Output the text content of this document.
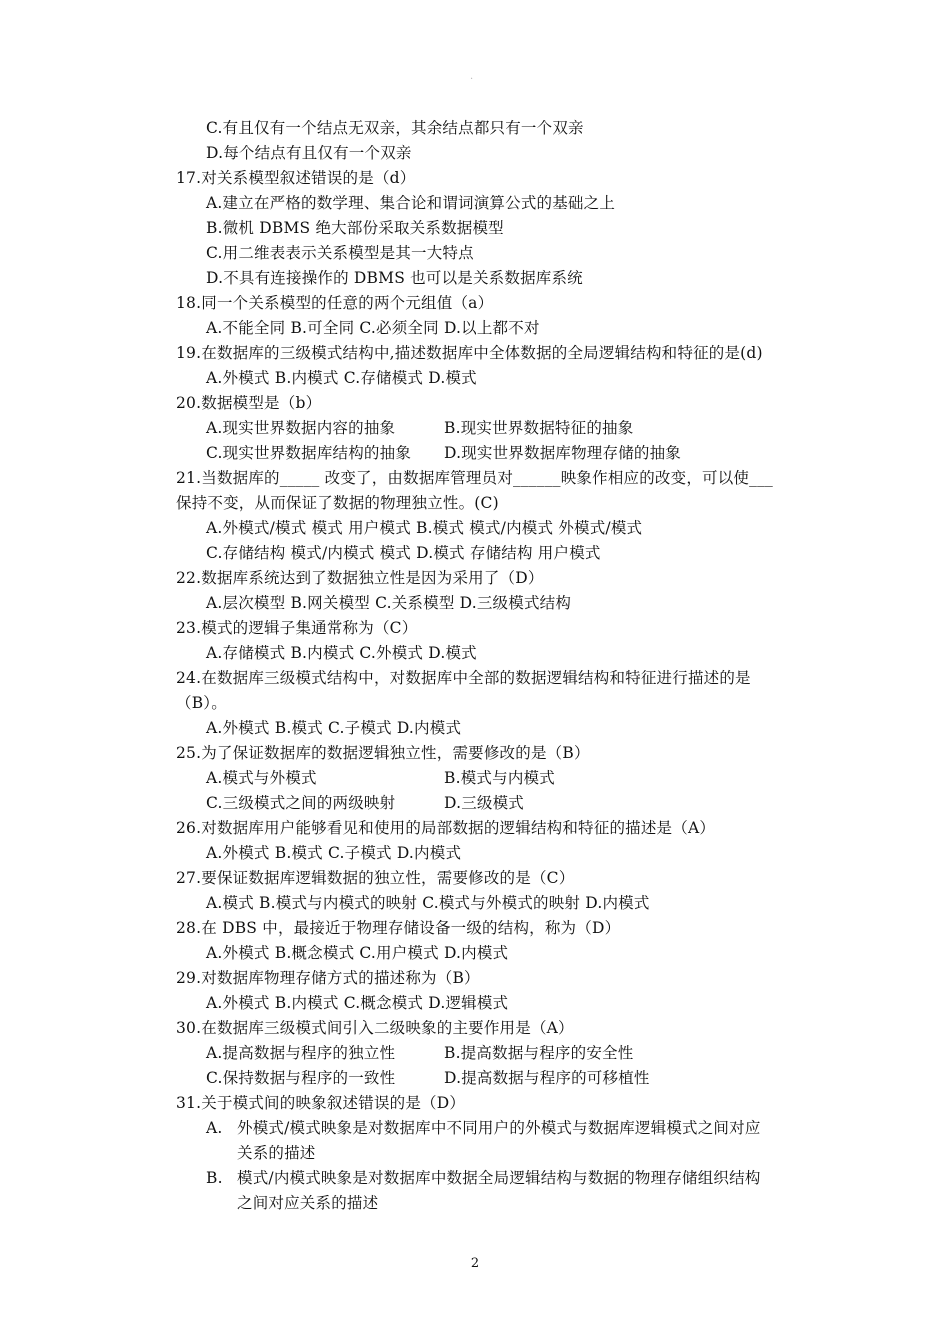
·
C.有且仅有一个结点无双亲，其余结点都只有一个双亲
D.每个结点有且仅有一个双亲
17.对关系模型叙述错误的是（d）
A.建立在严格的数学理、集合论和谓词演算公式的基础之上
B.微机 DBMS 绝大部份采取关系数据模型
C.用二维表表示关系模型是其一大特点
D.不具有连接操作的 DBMS 也可以是关系数据库系统
18.同一个关系模型的任意的两个元组值（a）
A.不能全同 B.可全同 C.必须全同 D.以上都不对
19.在数据库的三级模式结构中,描述数据库中全体数据的全局逻辑结构和特征的是(d)
A.外模式 B.内模式 C.存储模式 D.模式
20.数据模型是（b）
A.现实世界数据内容的抽象	B.现实世界数据特征的抽象
C.现实世界数据库结构的抽象 D.现实世界数据库物理存储的抽象
21.当数据库的_____ 改变了，由数据库管理员对______映象作相应的改变，可以使___
保持不变，从而保证了数据的物理独立性。(C)
A.外模式/模式 模式 用户模式 B.模式 模式/内模式 外模式/模式
C.存储结构 模式/内模式 模式 D.模式 存储结构 用户模式
22.数据库系统达到了数据独立性是因为采用了（D）
A.层次模型 B.网关模型 C.关系模型 D.三级模式结构
23.模式的逻辑子集通常称为（C）
A.存储模式 B.内模式 C.外模式 D.模式
24.在数据库三级模式结构中，对数据库中全部的数据逻辑结构和特征进行描述的是
（B）。
A.外模式 B.模式 C.子模式 D.内模式
25.为了保证数据库的数据逻辑独立性，需要修改的是（B）
A.模式与外模式	B.模式与内模式
C.三级模式之间的两级映射	D.三级模式
26.对数据库用户能够看见和使用的局部数据的逻辑结构和特征的描述是（A）
A.外模式 B.模式 C.子模式 D.内模式
27.要保证数据库逻辑数据的独立性，需要修改的是（C）
A.模式 B.模式与内模式的映射 C.模式与外模式的映射 D.内模式
28.在 DBS 中，最接近于物理存储设备一级的结构，称为（D）
A.外模式 B.概念模式 C.用户模式 D.内模式
29.对数据库物理存储方式的描述称为（B）
A.外模式 B.内模式 C.概念模式 D.逻辑模式
30.在数据库三级模式间引入二级映象的主要作用是（A）
A.提高数据与程序的独立性	B.提高数据与程序的安全性
C.保持数据与程序的一致性	D.提高数据与程序的可移植性
31.关于模式间的映象叙述错误的是（D）
A. 外模式/模式映象是对数据库中不同用户的外模式与数据库逻辑模式之间对应
关系的描述
B. 模式/内模式映象是对数据库中数据全局逻辑结构与数据的物理存储组织结构
之间对应关系的描述
2
